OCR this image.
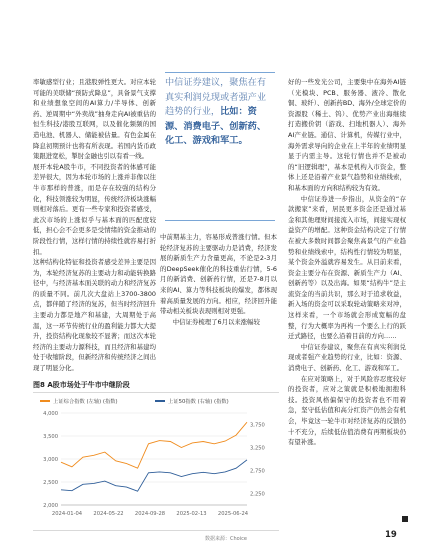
率敏感型行业；且港股弹性更大。对应本轮可能的美联储“预防式降息”，具备景气支撑和业绩想象空间的AI算力/半导体、创新药、逆周期中“外卖战”抽身走向AI被重估的恒生科技/港股互联网，以及催化频频的国造电池、机器人、储能被估量。有色金属在降息初期预计也将有所表现。若国内货币政策跟进宽松，掣肘金融也引以有看一线。

展开本轮A股牛市，不同投资者的体感可能差异很大，因为本轮市场的上涨并非像以往牛市那样的普涨，而是存在较强的结构分化，科技领涨较为明显，传统经济板块涨幅则相对落后。更有一些专家和投资者感受，此次市场的上涨似乎与基本面的匹配度较低，担心会不会更多是受情绪的资金推动的阶段性行情，这样行情的持续性就容易打折扣。

这种结构化特征和投资者感受差异主要是因为，本轮经济复苏的主要动力和动能转换路径中，与经济基本面关联的动力和经济复苏的质量不同。前几次大盘站上3700-3800点，都伴随了经济的复苏，但当时经济回升主要动力都是地产和基建，大周期处于高温，这一环节传统行业的盈利能力都大大提升，投资结构化现象较不显著；而这次本轮经济的主要动力源科技，而且经济和基建均处于收缩阶段，但新经济和传统经济之间出现了明显分化。

中信证券建议，聚焦在有真实利润兑现或者强产业趋势的行业，比如：资源、消费电子、创新药、化工、游戏和军工。

中前期基主力，容易形成普涨行情。但本轮经济复苏的主要驱动力是消费，经济发展的新质生产力含量更高，不论是2-3月的DeepSeek催化的科技重估行情，5-6月的新消费、创新药行情，还是7-8月以来的AI、算力等科技板块的爆发，都体现着高质量发展的方向。相应，经济回升能带动相关板块表现则相对更强。

中信证券梳理了6月以来涨幅较

好的一些发光公司，主要集中在海外AI链（光模块、PCB、服务器、液冷、散化铜、玻纤）、创新药BD、海外/全球定价的资源股（稀土、钨）、优势产业出海继续打造搬价钥（游戏、扫地机器人）、海外AI产业链。通信、计算机，传媒行业中，海外需求导向的企业在上半年的业绩明显显于内需主导。这轮行情也并不是被动的“旧逻辑理”，基本是机构入市资金，整体上还是沿着产业景气趋势和业绩线索，和基本面的方向和结构较为有效。

中信证券进一步指出，从资金的“存款搬家”来看，居民更多资金还是通过基金和其他理财间接流入市场，间接实现权益资产的增配。这种资金结构决定了行情在被大多数时间都会聚焦高景气的产业趋势和业绩线索中，结构性行情较为明显，某个资金外溢就容易发生。从目前来看，资金主要分布在资源、新质生产力（AI、创新药等）以及出海。如果“结构牛”是主流资金的当前共识，那么对于追求收益，新入场的资金可以采取轮动策略来对冲，这样来看，一个市场就会形成宽幅的盘整，行为大概率为再构一个要么上行的跃迁式路径，也要么沿着目前的方向……

中信证券建议，聚焦在有真实利润兑现或者强产业趋势的行业，比如：资源、消费电子、创新药、化工、游戏和军工。

在应对策略上，对于风险容忍度较好的投资者，应对之策就是积极地拥抱科技。投资风格偏保守的投资者也不用着急，坚守低估值和高分红资产仍然会有机会，毕竟这一轮牛市对经济复苏的反馈仍十不充分，后续低估值消费有再期板块仍有望补涨。

图8 A股市场处于牛市中继阶段
上证综合指数 (左轴) (指数)	上证50指数 (右轴) (指数)
4,000
3,500
3,000
2,500
2,000
3,750
3,250
2,750
2,250
2024-01-04 2024-05-22 2024-09-28 2025-02-13 2025-06-24
数据来源：Choice	19
